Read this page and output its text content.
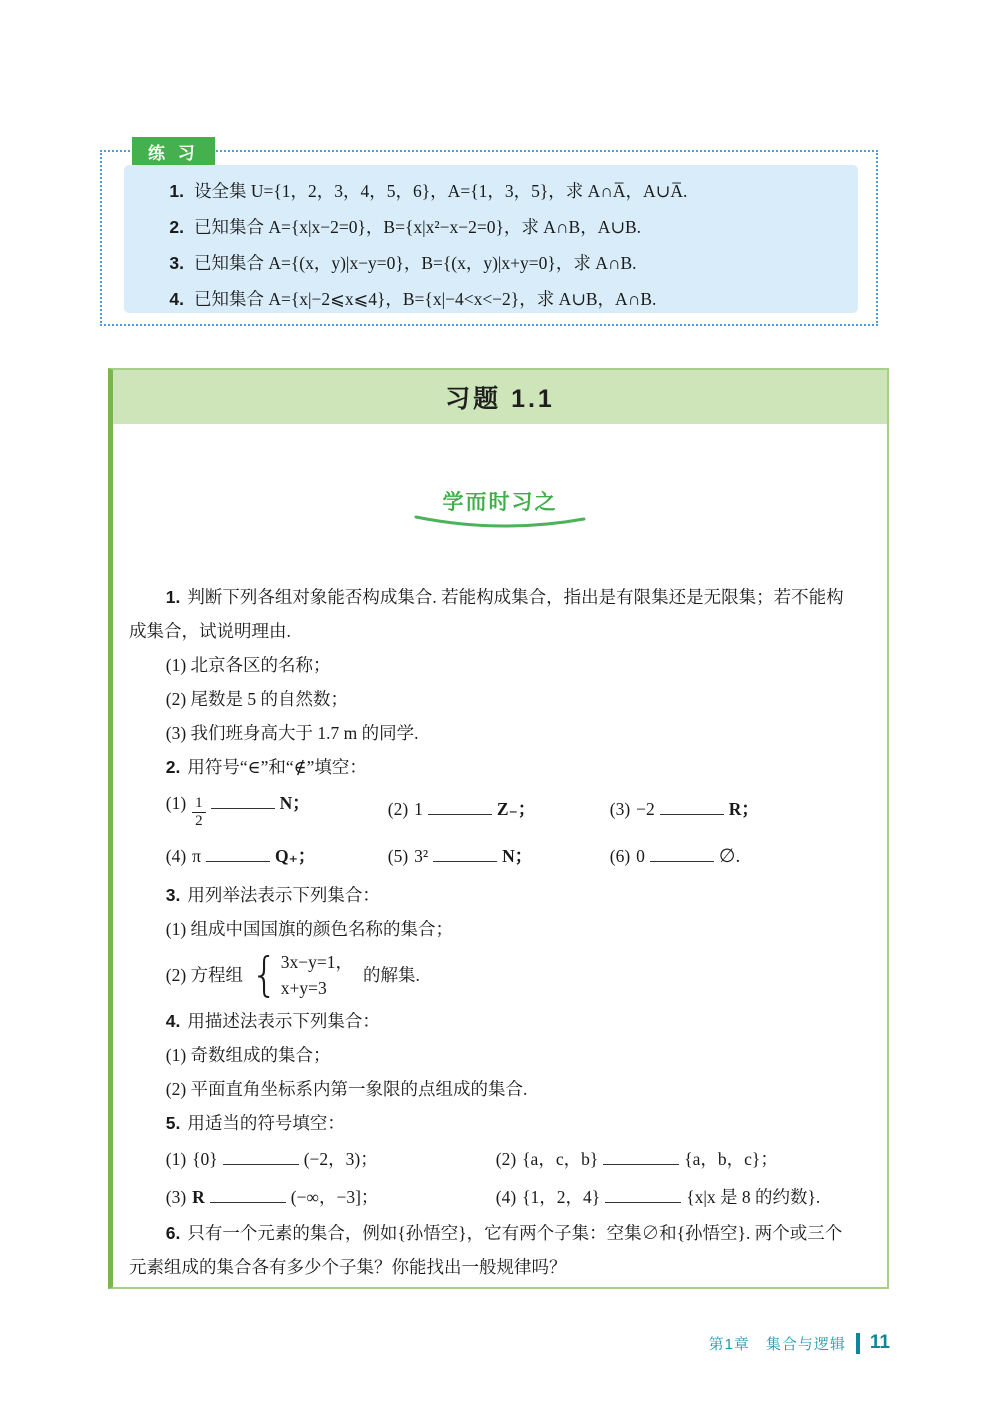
练 习
1. 设全集 U={1，2，3，4，5，6}，A={1，3，5}，求 A∩A̅，A∪A̅.
2. 已知集合 A={x|x−2=0}，B={x|x²−x−2=0}，求 A∩B，A∪B.
3. 已知集合 A={(x，y)|x−y=0}，B={(x，y)|x+y=0}，求 A∩B.
4. 已知集合 A={x|−2⩽x⩽4}，B={x|−4<x<−2}，求 A∪B，A∩B.
习题 1.1
学而时习之

1. 判断下列各组对象能否构成集合. 若能构成集合，指出是有限集还是无限集；若不能构成集合，试说明理由.

(1) 北京各区的名称；
(2) 尾数是 5 的自然数；
(3) 我们班身高大于 1.7 m 的同学.

2. 用符号“∈”和“∉”填空：

$(1) \frac{1}{2}$	N；	(2) 1	Z₋；	(3) −2	R；
(4) π	Q₊；	(5) 3²	N；	(6) 0	∅.

3. 用列举法表示下列集合：

(1) 组成中国国旗的颜色名称的集合；
(2) 方程组 { 3x−y=1，
x+y=3
的解集.

4. 用描述法表示下列集合：

(1) 奇数组成的集合；
(2) 平面直角坐标系内第一象限的点组成的集合.

5. 用适当的符号填空：

(1) {0}	(−2，3)；	(2) {a，c，b}	{a，b，c}；
(3) R	(−∞，−3]；	(4) {1，2，4}	{x|x 是 8 的约数}.

6. 只有一个元素的集合，例如{孙悟空}，它有两个子集：空集∅和{孙悟空}. 两个或三个元素组成的集合各有多少个子集？你能找出一般规律吗？

第1章　集合与逻辑 11
